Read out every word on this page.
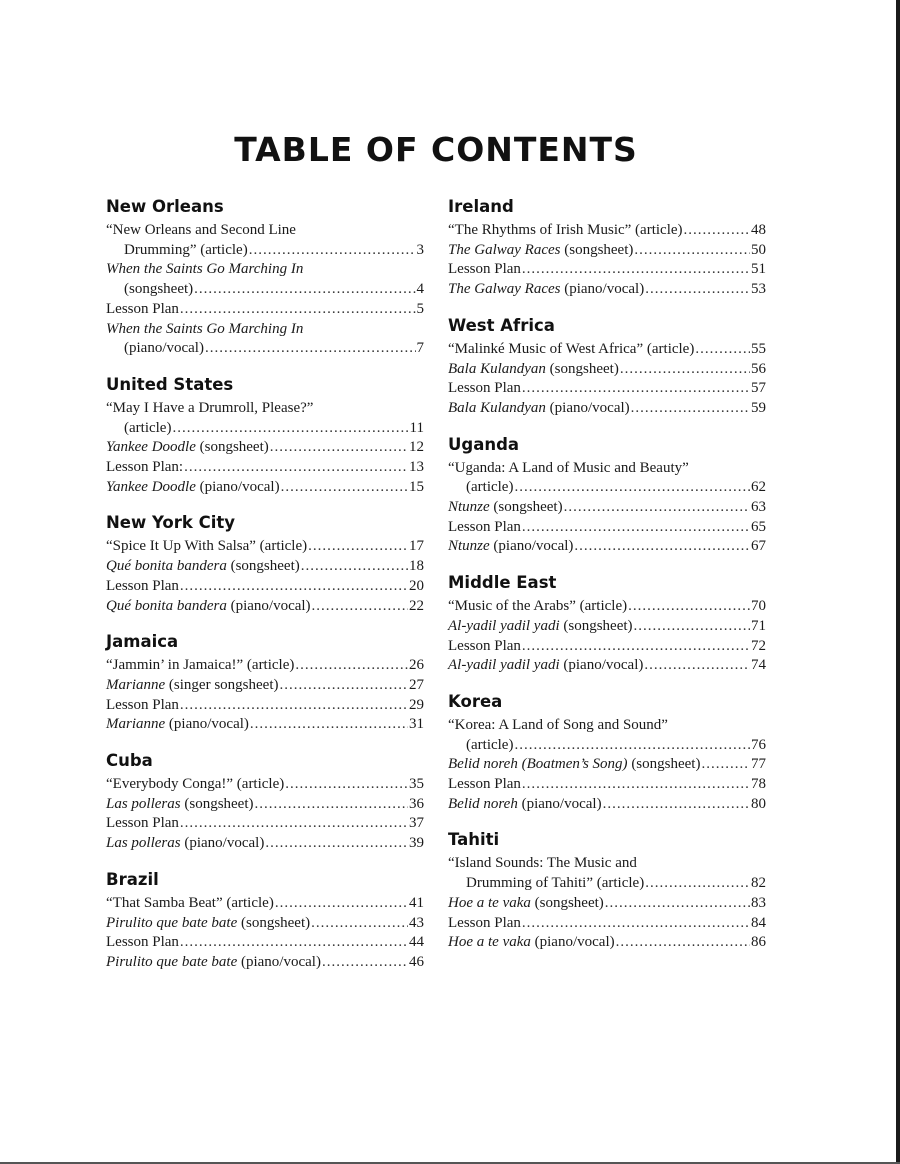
TABLE OF CONTENTS
New Orleans
“New Orleans and Second Line
Drumming” (article) .....	3
When the Saints Go Marching In
(songsheet) .....	4
Lesson Plan .....	5
When the Saints Go Marching In
(piano/vocal) .....	7
United States
“May I Have a Drumroll, Please?”
(article) .....	11
Yankee Doodle (songsheet) .....	12
Lesson Plan: .....	13
Yankee Doodle (piano/vocal) .....	15
New York City
“Spice It Up With Salsa” (article) .....	17
Qué bonita bandera (songsheet) .....	18
Lesson Plan .....	20
Qué bonita bandera (piano/vocal) .....	22
Jamaica
“Jammin’ in Jamaica!” (article) .....	26
Marianne (singer songsheet) .....	27
Lesson Plan .....	29
Marianne (piano/vocal) .....	31
Cuba
“Everybody Conga!” (article) .....	35
Las polleras (songsheet) .....	36
Lesson Plan .....	37
Las polleras (piano/vocal) .....	39
Brazil
“That Samba Beat” (article) .....	41
Pirulito que bate bate (songsheet) .....	43
Lesson Plan .....	44
Pirulito que bate bate (piano/vocal) .....	46
Ireland
“The Rhythms of Irish Music” (article) .....	48
The Galway Races (songsheet) .....	50
Lesson Plan .....	51
The Galway Races (piano/vocal) .....	53
West Africa
“Malinké Music of West Africa” (article) .....	55
Bala Kulandyan (songsheet) .....	56
Lesson Plan .....	57
Bala Kulandyan (piano/vocal) .....	59
Uganda
“Uganda: A Land of Music and Beauty”
(article) .....	62
Ntunze (songsheet) .....	63
Lesson Plan .....	65
Ntunze (piano/vocal) .....	67
Middle East
“Music of the Arabs” (article) .....	70
Al-yadil yadil yadi (songsheet) .....	71
Lesson Plan .....	72
Al-yadil yadil yadi (piano/vocal) .....	74
Korea
“Korea: A Land of Song and Sound”
(article) .....	76
Belid noreh (Boatmen’s Song) (songsheet) .....	77
Lesson Plan .....	78
Belid noreh (piano/vocal) .....	80
Tahiti
“Island Sounds: The Music and
Drumming of Tahiti” (article) .....	82
Hoe a te vaka (songsheet) .....	83
Lesson Plan .....	84
Hoe a te vaka (piano/vocal) .....	86
